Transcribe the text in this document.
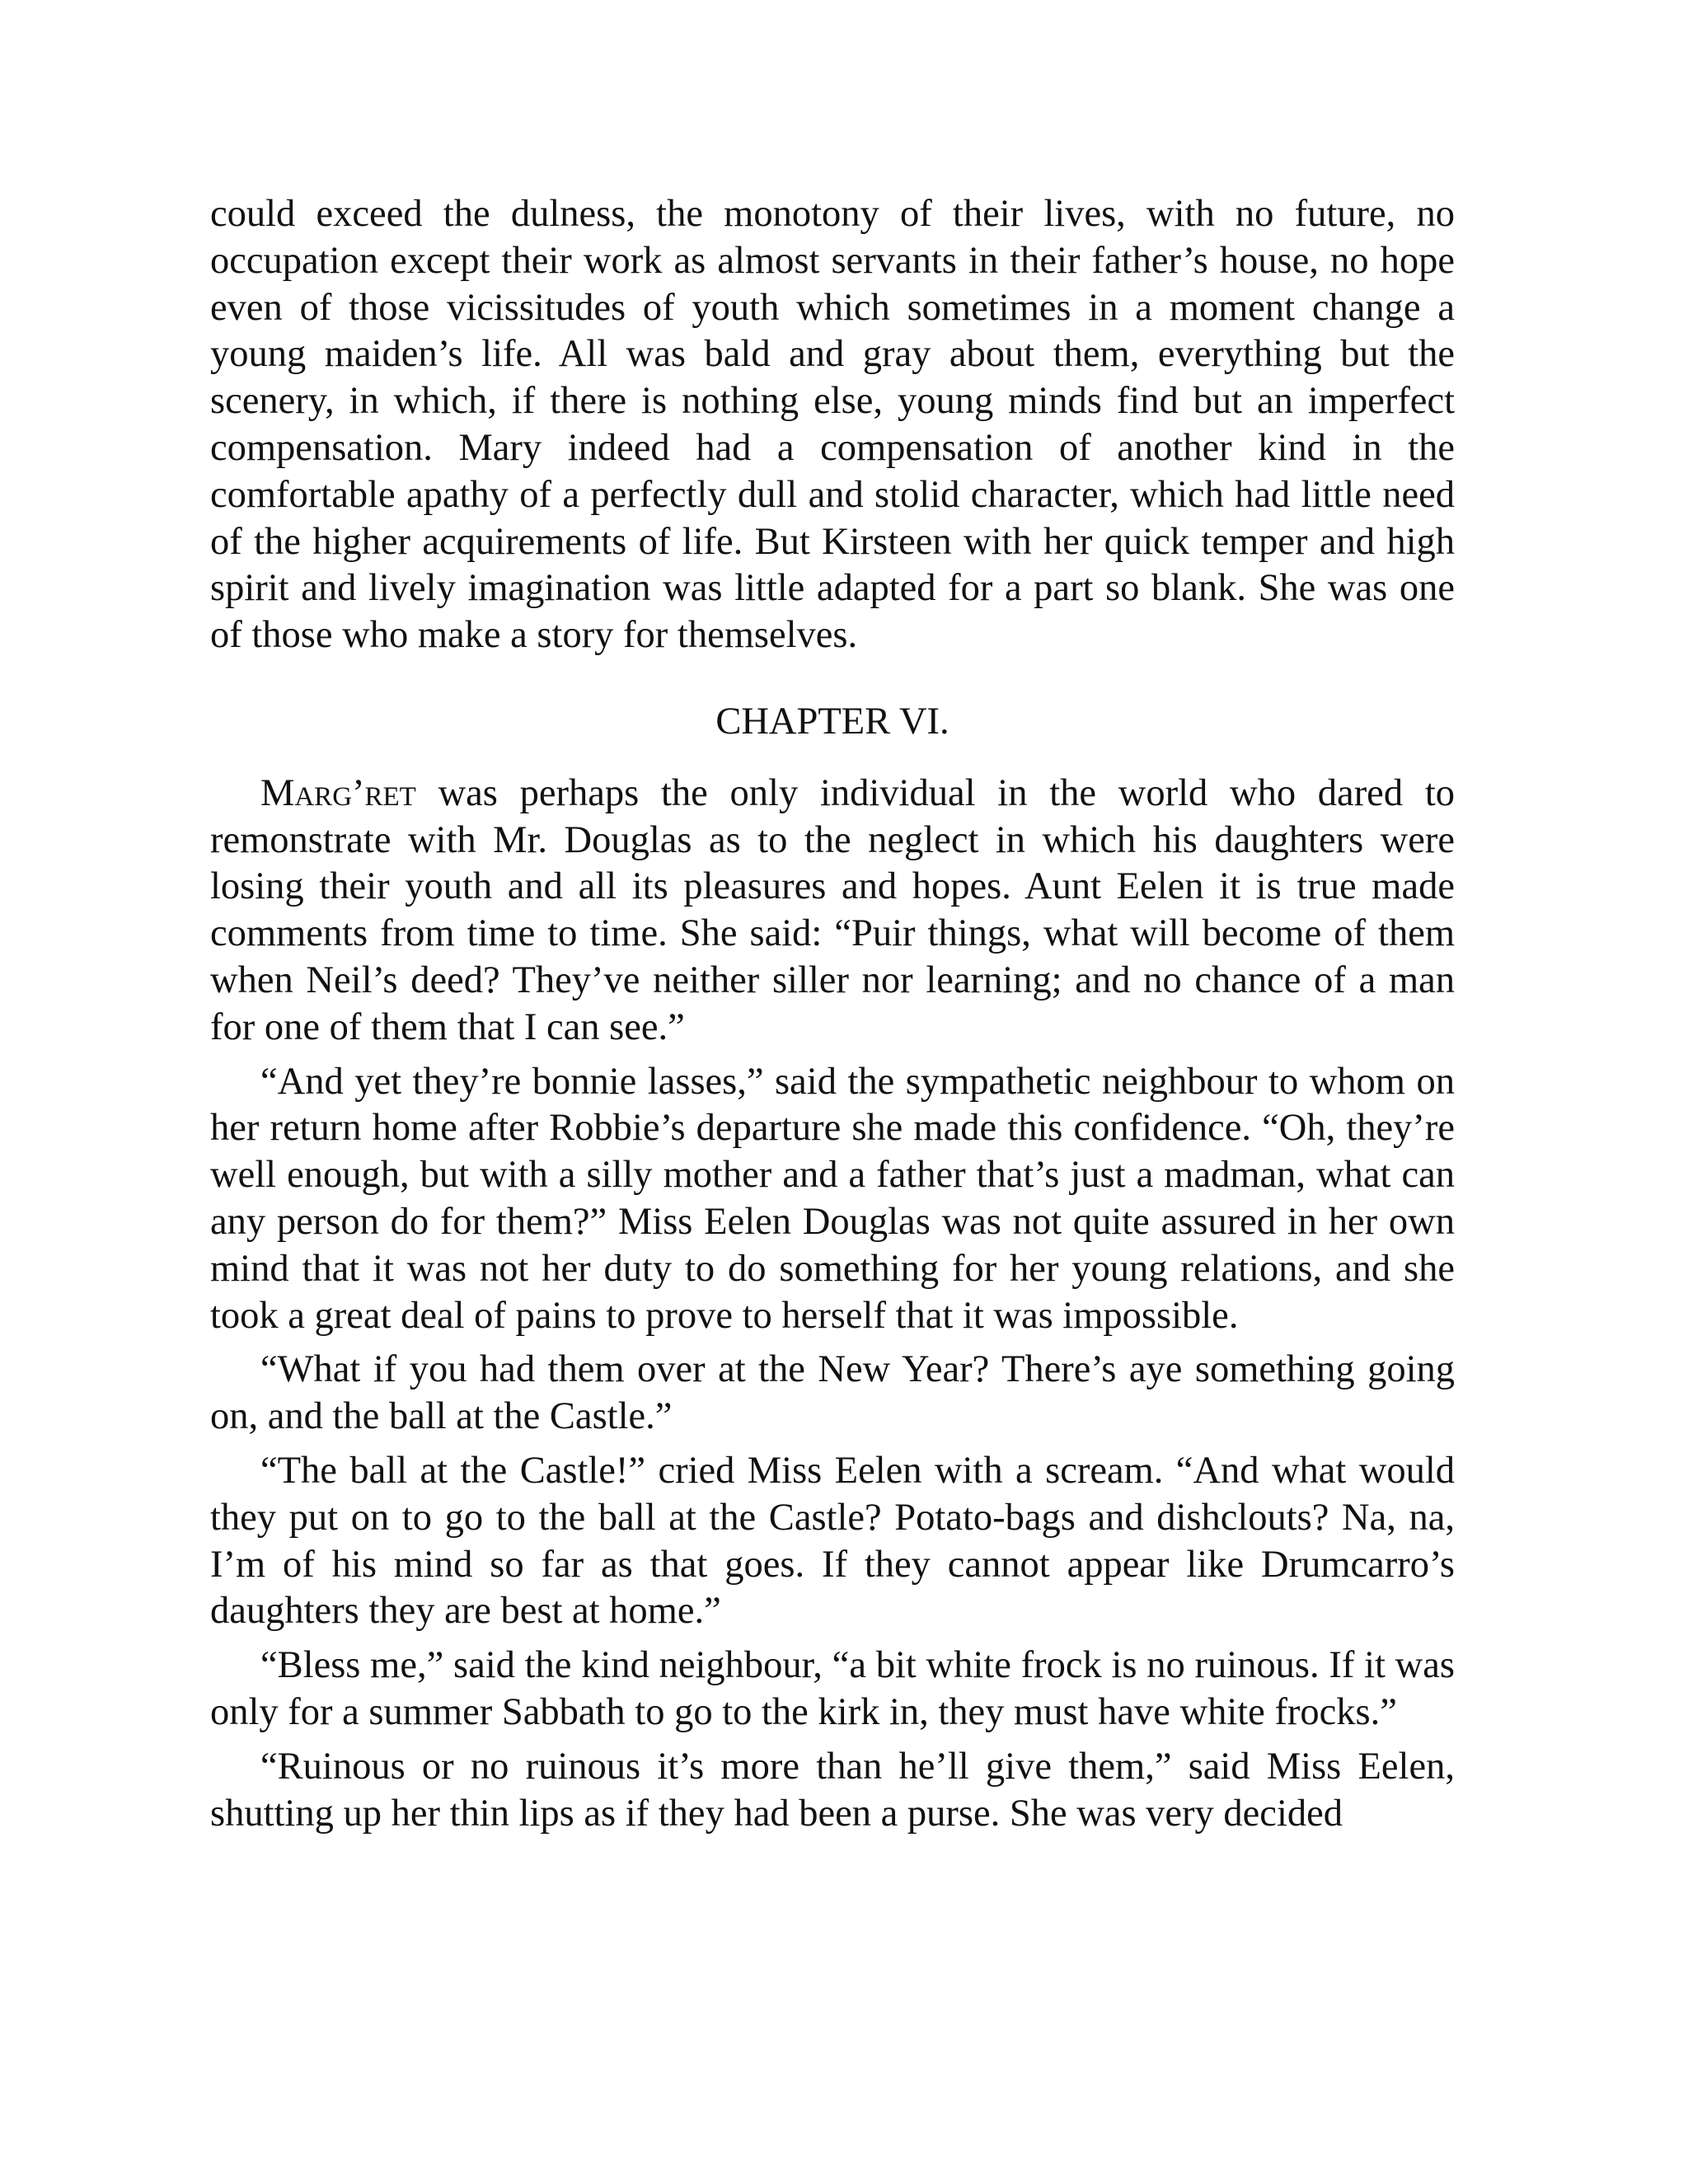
could exceed the dulness, the monotony of their lives, with no future, no occupation except their work as almost servants in their father’s house, no hope even of those vicissitudes of youth which sometimes in a moment change a young maiden’s life. All was bald and gray about them, everything but the scenery, in which, if there is nothing else, young minds find but an imperfect compensation. Mary indeed had a compensation of another kind in the comfortable apathy of a perfectly dull and stolid character, which had little need of the higher acquirements of life. But Kirsteen with her quick temper and high spirit and lively imagination was little adapted for a part so blank. She was one of those who make a story for themselves.

CHAPTER VI.

Marg’ret was perhaps the only individual in the world who dared to remonstrate with Mr. Douglas as to the neglect in which his daughters were losing their youth and all its pleasures and hopes. Aunt Eelen it is true made comments from time to time. She said: “Puir things, what will become of them when Neil’s deed? They’ve neither siller nor learning; and no chance of a man for one of them that I can see.”

“And yet they’re bonnie lasses,” said the sympathetic neighbour to whom on her return home after Robbie’s departure she made this confidence. “Oh, they’re well enough, but with a silly mother and a father that’s just a madman, what can any person do for them?” Miss Eelen Douglas was not quite assured in her own mind that it was not her duty to do something for her young relations, and she took a great deal of pains to prove to herself that it was impossible.

“What if you had them over at the New Year? There’s aye something going on, and the ball at the Castle.”

“The ball at the Castle!” cried Miss Eelen with a scream. “And what would they put on to go to the ball at the Castle? Potato-bags and dishclouts? Na, na, I’m of his mind so far as that goes. If they cannot appear like Drumcarro’s daughters they are best at home.”

“Bless me,” said the kind neighbour, “a bit white frock is no ruinous. If it was only for a summer Sabbath to go to the kirk in, they must have white frocks.”

“Ruinous or no ruinous it’s more than he’ll give them,” said Miss Eelen, shutting up her thin lips as if they had been a purse. She was very decided
